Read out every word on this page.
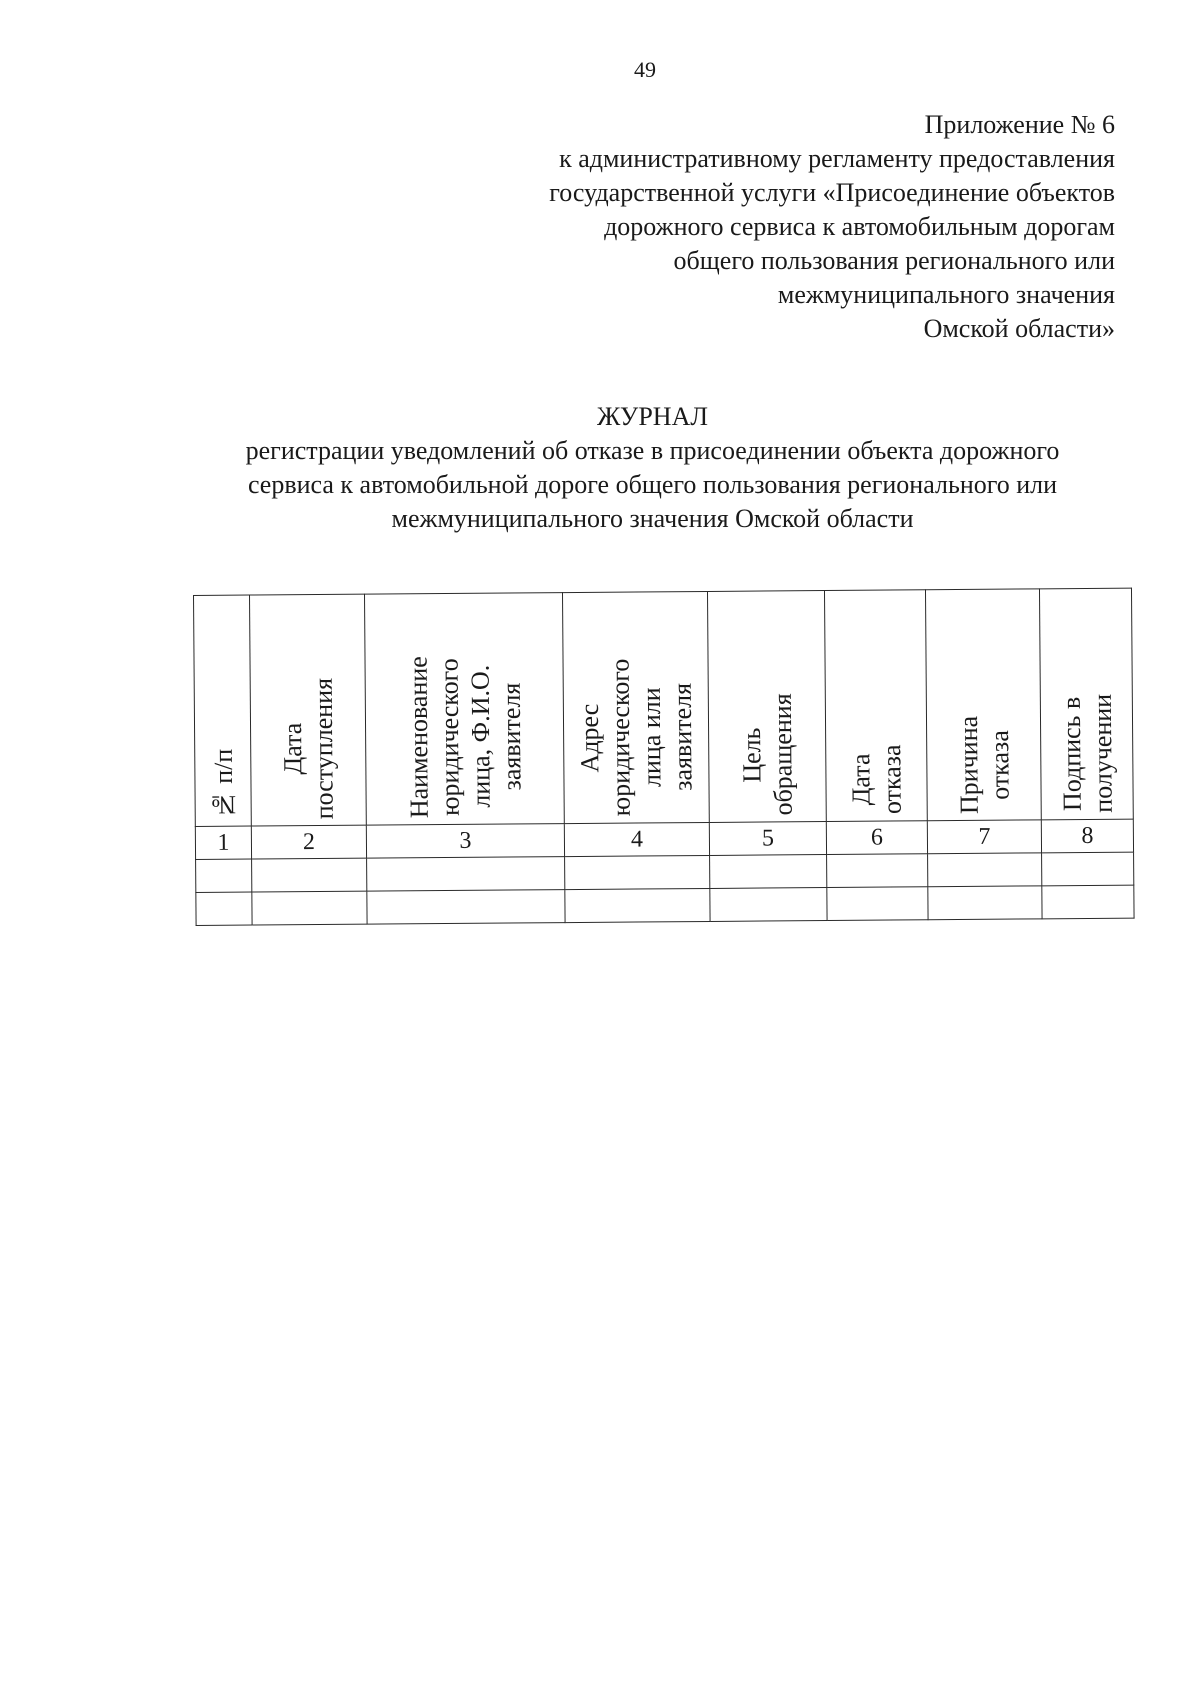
49
Приложение № 6
к административному регламенту предоставления
государственной услуги «Присоединение объектов
дорожного сервиса к автомобильным дорогам
общего пользования регионального или
межмуниципального значения
Омской области»
ЖУРНАЛ
регистрации уведомлений об отказе в присоединении объекта дорожного
сервиса к автомобильной дороге общего пользования регионального или
межмуниципального значения Омской области
№ п/п	Дата поступления	Наименование юридического лица, Ф.И.О. заявителя	Адрес юридического лица или заявителя	Цель обращения	Дата отказа	Причина отказа	Подпись в получении

1	2	3	4	5	6	7	8
